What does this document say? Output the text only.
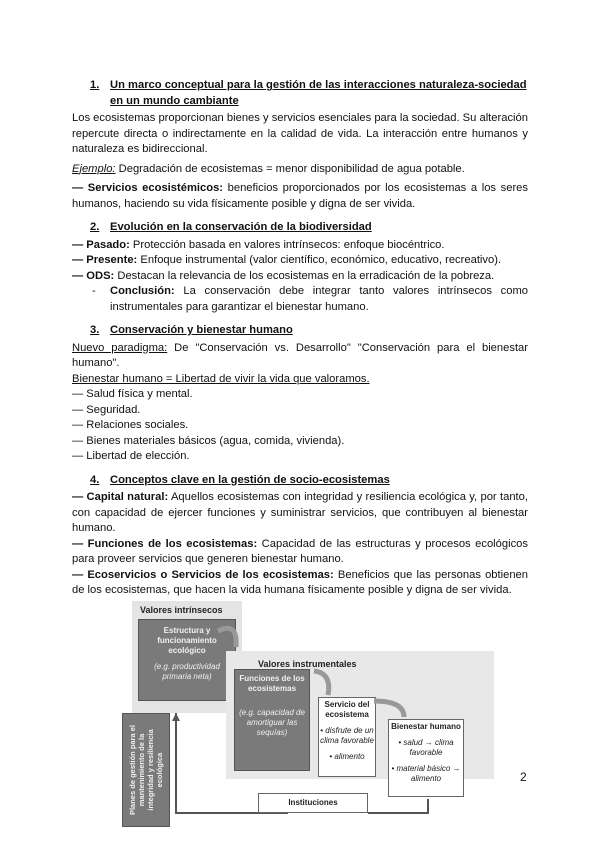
1. Un marco conceptual para la gestión de las interacciones naturaleza-sociedad en un mundo cambiante

Los ecosistemas proporcionan bienes y servicios esenciales para la sociedad. Su alteración repercute directa o indirectamente en la calidad de vida. La interacción entre humanos y naturaleza es bidireccional.

Ejemplo: Degradación de ecosistemas = menor disponibilidad de agua potable.

— Servicios ecosistémicos: beneficios proporcionados por los ecosistemas a los seres humanos, haciendo su vida físicamente posible y digna de ser vivida.

2. Evolución en la conservación de la biodiversidad
— Pasado: Protección basada en valores intrínsecos: enfoque biocéntrico.
— Presente: Enfoque instrumental (valor científico, económico, educativo, recreativo).
— ODS: Destacan la relevancia de los ecosistemas en la erradicación de la pobreza.
-	Conclusión: La conservación debe integrar tanto valores intrínsecos como instrumentales para garantizar el bienestar humano.
3. Conservación y bienestar humano

Nuevo paradigma: De "Conservación vs. Desarrollo" "Conservación para el bienestar humano".

Bienestar humano = Libertad de vivir la vida que valoramos.
— Salud física y mental.
— Seguridad.
— Relaciones sociales.
— Bienes materiales básicos (agua, comida, vivienda).
— Libertad de elección.
4. Conceptos clave en la gestión de socio-ecosistemas

— Capital natural: Aquellos ecosistemas con integridad y resiliencia ecológica y, por tanto, con capacidad de ejercer funciones y suministrar servicios, que contribuyen al bienestar humano.

— Funciones de los ecosistemas: Capacidad de las estructuras y procesos ecológicos para proveer servicios que generen bienestar humano.

— Ecoservicios o Servicios de los ecosistemas: Beneficios que las personas obtienen de los ecosistemas, que hacen la vida humana físicamente posible y digna de ser vivida.

Valores intrínsecos
Estructura y funcionamiento ecológico
(e.g. productividad primaria neta)
Valores instrumentales
Funciones de los ecosistemas
(e.g. capacidad de amortiguar las sequías)
Servicio del ecosistema
• disfrute de un clima favorable
• alimento
Bienestar humano
• salud → clima favorable
• material básico → alimento
Planes de gestión para el mantenimiento de la integridad y resiliencia ecológica
Instituciones
2
